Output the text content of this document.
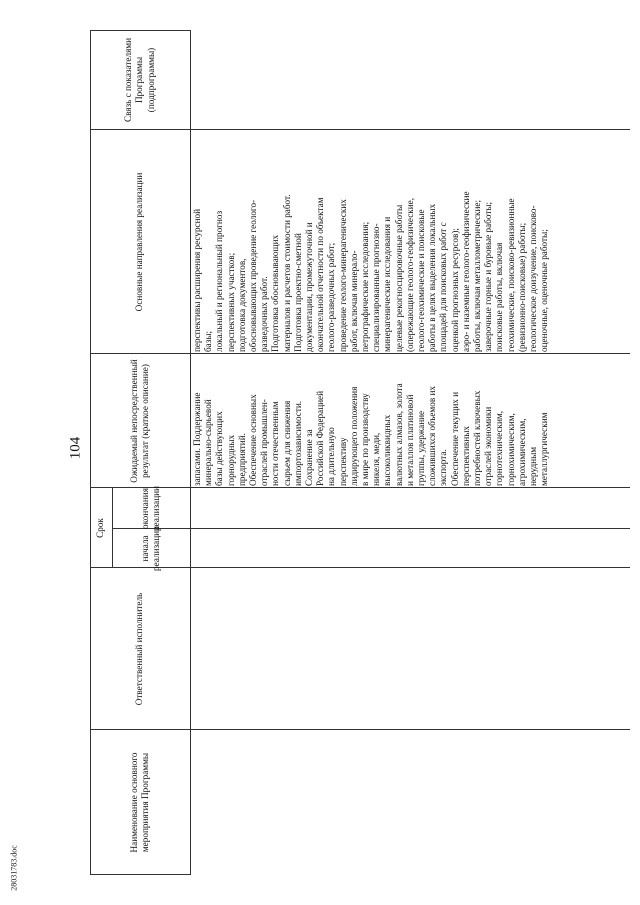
104
28031783.doc
Наименование основного мероприятия Программы
Ответственный исполнитель
Срок
начала реализации
окончания реализации
Ожидаемый непосредственный результат (краткое описание)
Основные направления реализации
Связь с показателями Программы (подпрограммы)
запасами. Поддержание минерально-сырьевой базы действующих горнорудных предприятий. Обеспечение основных отраслей промышлен- ности отечественным сырьем для снижения импортозависимости. Сохранение за Российской Федерацией на длительную перспективу лидирующего положения в мире по производству никеля, меди, высоколиквидных валютных алмазов, золота и металлов платиновой группы, удержание сложившихся объемов их экспорта. Обеспечение текущих и перспективных потребностей ключевых отраслей экономики горнотехническим, горнохимическим, агрохимическим, нерудным металлургическим
перспективы расширения ресурсной базы; локальный и региональный прогноз перспективных участков; подготовка документов, обосновывающих проведение геолого- разведочных работ. Подготовка обосновывающих материалов и расчетов стоимости работ. Подготовка проектно-сметной документации, промежуточной и окончательной отчетности по объектам геолого-разведочных работ; проведение геолого-минерагенических работ, включая минерало- петрографические исследования; специализированные прогнозно- минерагенические исследования и целевые рекогносцировочные работы (опережающие геолого-геофизические, геолого-геохимические и поисковые работы в целях выделения локальных площадей для поисковых работ с оценкой прогнозных ресурсов); аэро- и наземные геолого-геофизические работы, включая металлометрические; заверочные горные и буровые работы; поисковые работы, включая геохимические, поисково-ревизионные (ревизионно-поисковые) работы; геологическое доизучение, поисково- оценочные, оценочные работы;
